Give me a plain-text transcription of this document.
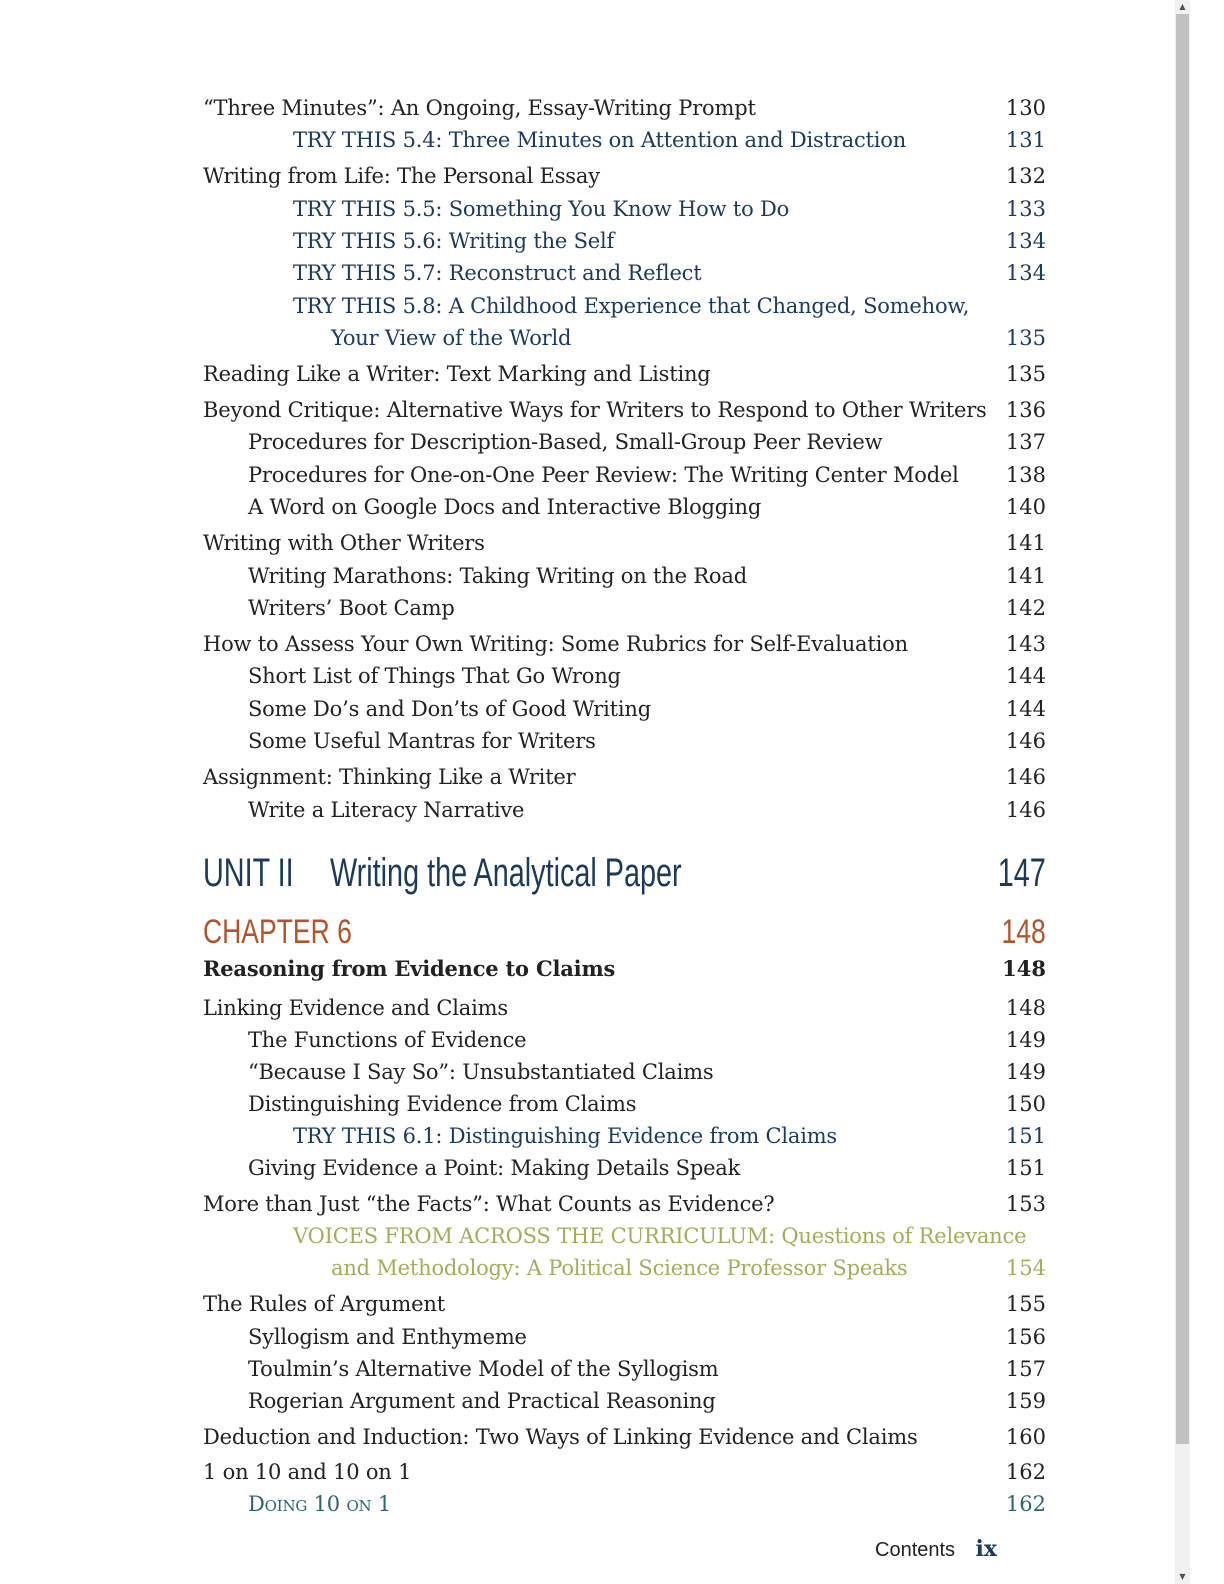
“Three Minutes”: An Ongoing, Essay-Writing Prompt	130
TRY THIS 5.4: Three Minutes on Attention and Distraction	131
Writing from Life: The Personal Essay	132
TRY THIS 5.5: Something You Know How to Do	133
TRY THIS 5.6: Writing the Self	134
TRY THIS 5.7: Reconstruct and Reflect	134
TRY THIS 5.8: A Childhood Experience that Changed, Somehow,
Your View of the World	135
Reading Like a Writer: Text Marking and Listing	135
Beyond Critique: Alternative Ways for Writers to Respond to Other Writers 136
Procedures for Description-Based, Small-Group Peer Review	137
Procedures for One-on-One Peer Review: The Writing Center Model 138
A Word on Google Docs and Interactive Blogging	140
Writing with Other Writers	141
Writing Marathons: Taking Writing on the Road	141
Writers’ Boot Camp	142
How to Assess Your Own Writing: Some Rubrics for Self-Evaluation	143
Short List of Things That Go Wrong	144
Some Do’s and Don’ts of Good Writing	144
Some Useful Mantras for Writers	146
Assignment: Thinking Like a Writer	146
Write a Literacy Narrative	146
UNIT II Writing the Analytical Paper	147
CHAPTER 6	148
Reasoning from Evidence to Claims	148
Linking Evidence and Claims	148
The Functions of Evidence	149
“Because I Say So”: Unsubstantiated Claims	149
Distinguishing Evidence from Claims	150
TRY THIS 6.1: Distinguishing Evidence from Claims	151
Giving Evidence a Point: Making Details Speak	151
More than Just “the Facts”: What Counts as Evidence?	153
VOICES FROM ACROSS THE CURRICULUM: Questions of Relevance
and Methodology: A Political Science Professor Speaks	154
The Rules of Argument	155
Syllogism and Enthymeme	156
Toulmin’s Alternative Model of the Syllogism	157
Rogerian Argument and Practical Reasoning	159
Deduction and Induction: Two Ways of Linking Evidence and Claims	160
1 on 10 and 10 on 1	162
Doing 10 on 1	162
Contents ix
▲
▼
